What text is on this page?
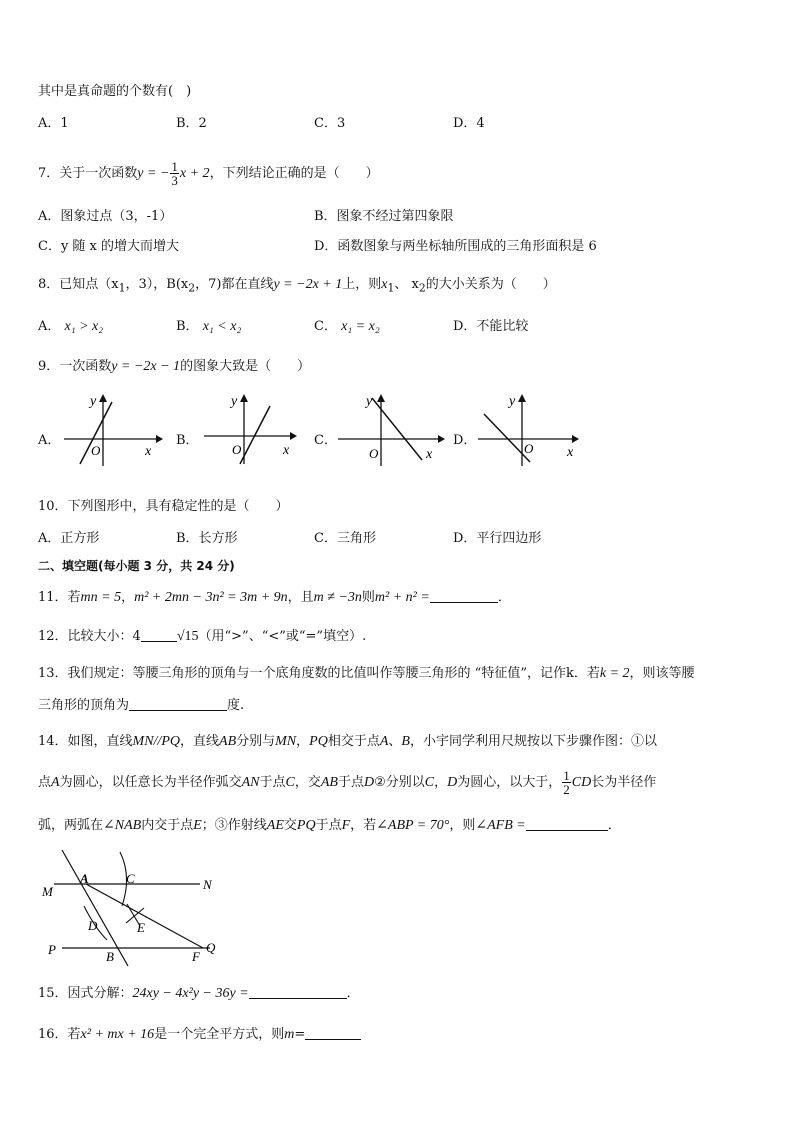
其中是真命题的个数有(　)
A．1	B．2	C．3	D．4
7．关于一次函数y = − $\frac{1}{3}$ x + 2，下列结论正确的是（　　）
A．图象过点（3，-1）	B．图象不经过第四象限
C．y 随 x 的增大而增大	D．函数图象与两坐标轴所围成的三角形面积是 6
8．已知点（$x_1$，3），$B(x_2$，7)都在直线y = −2x + 1上，则$x_1$、 $x_2$的大小关系为（　　）
A． x₁ > x₂	B． x₁ < x₂	C． x₁ = x₂	D．不能比较
9．一次函数y = −2x − 1的图象大致是（　　）
A．
y
x
O
B．
y
x
O
C．
y
x
O
D．
y
x
O
10．下列图形中，具有稳定性的是（　　）
A．正方形	B．长方形	C．三角形	D．平行四边形
二、填空题(每小题 3 分，共 24 分)
11．若mn = 5，m² + 2mn − 3n² = 3m + 9n，且m ≠ −3n则m² + n² =	．
12．比较大小：4	√15（用“>”、“<”或“=”填空）.
13．我们规定：等腰三角形的顶角与一个底角度数的比值叫作等腰三角形的 “特征值”，记作k．若k = 2，则该等腰
三角形的顶角为	度.
14．如图，直线MN//PQ，直线AB分别与MN，PQ相交于点A、B，小宇同学利用尺规按以下步骤作图：①以
点A为圆心，以任意长为半径作弧交AN于点C，交AB于点D②分别以C，D为圆心，以大于， $\frac{1}{2}$ CD长为半径作
弧，两弧在∠NAB内交于点E；③作射线AE交PQ于点F，若∠ABP = 70°，则∠AFB =	．
M	N
A	C
D	E
P	B	F
Q
15．因式分解：24xy − 4x²y − 36y =	．
16．若x² + mx + 16是一个完全平方式，则m=
